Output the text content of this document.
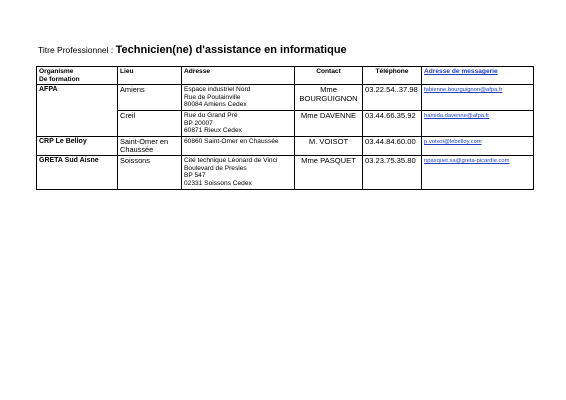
Titre Professionnel : Technicien(ne) d'assistance en informatique
Organisme
De formation	Lieu	Adresse	Contact	Téléphone	Adresse de messagerie
AFPA	Amiens	Espace industriel Nord
Rue de Poulainville
80084 Amiens Cedex	Mme
BOURGUIGNON	03.22.54..37.98	fabienne.bourguignon@afpa.fr
	Creil	Rue du Grand Pré
BP 20007
60871 Rieux Cedex	Mme DAVENNE	03.44.66.35.92	hamida.davenne@afpa.fr
CRP Le Belloy	Saint-Omer en
Chaussée	60860 Saint-Omer en Chaussée	M. VOISOT	03.44.84.60.00	p.voisot@lebelloy.com
GRETA Sud Aisne	Soissons	Cité technique Léonard de Vinci
Boulevard de Presles
BP 547
02331 Soissons Cedex	Mme PASQUET	03.23.75.35.80	npasquet.sa@greta-picardie.com
